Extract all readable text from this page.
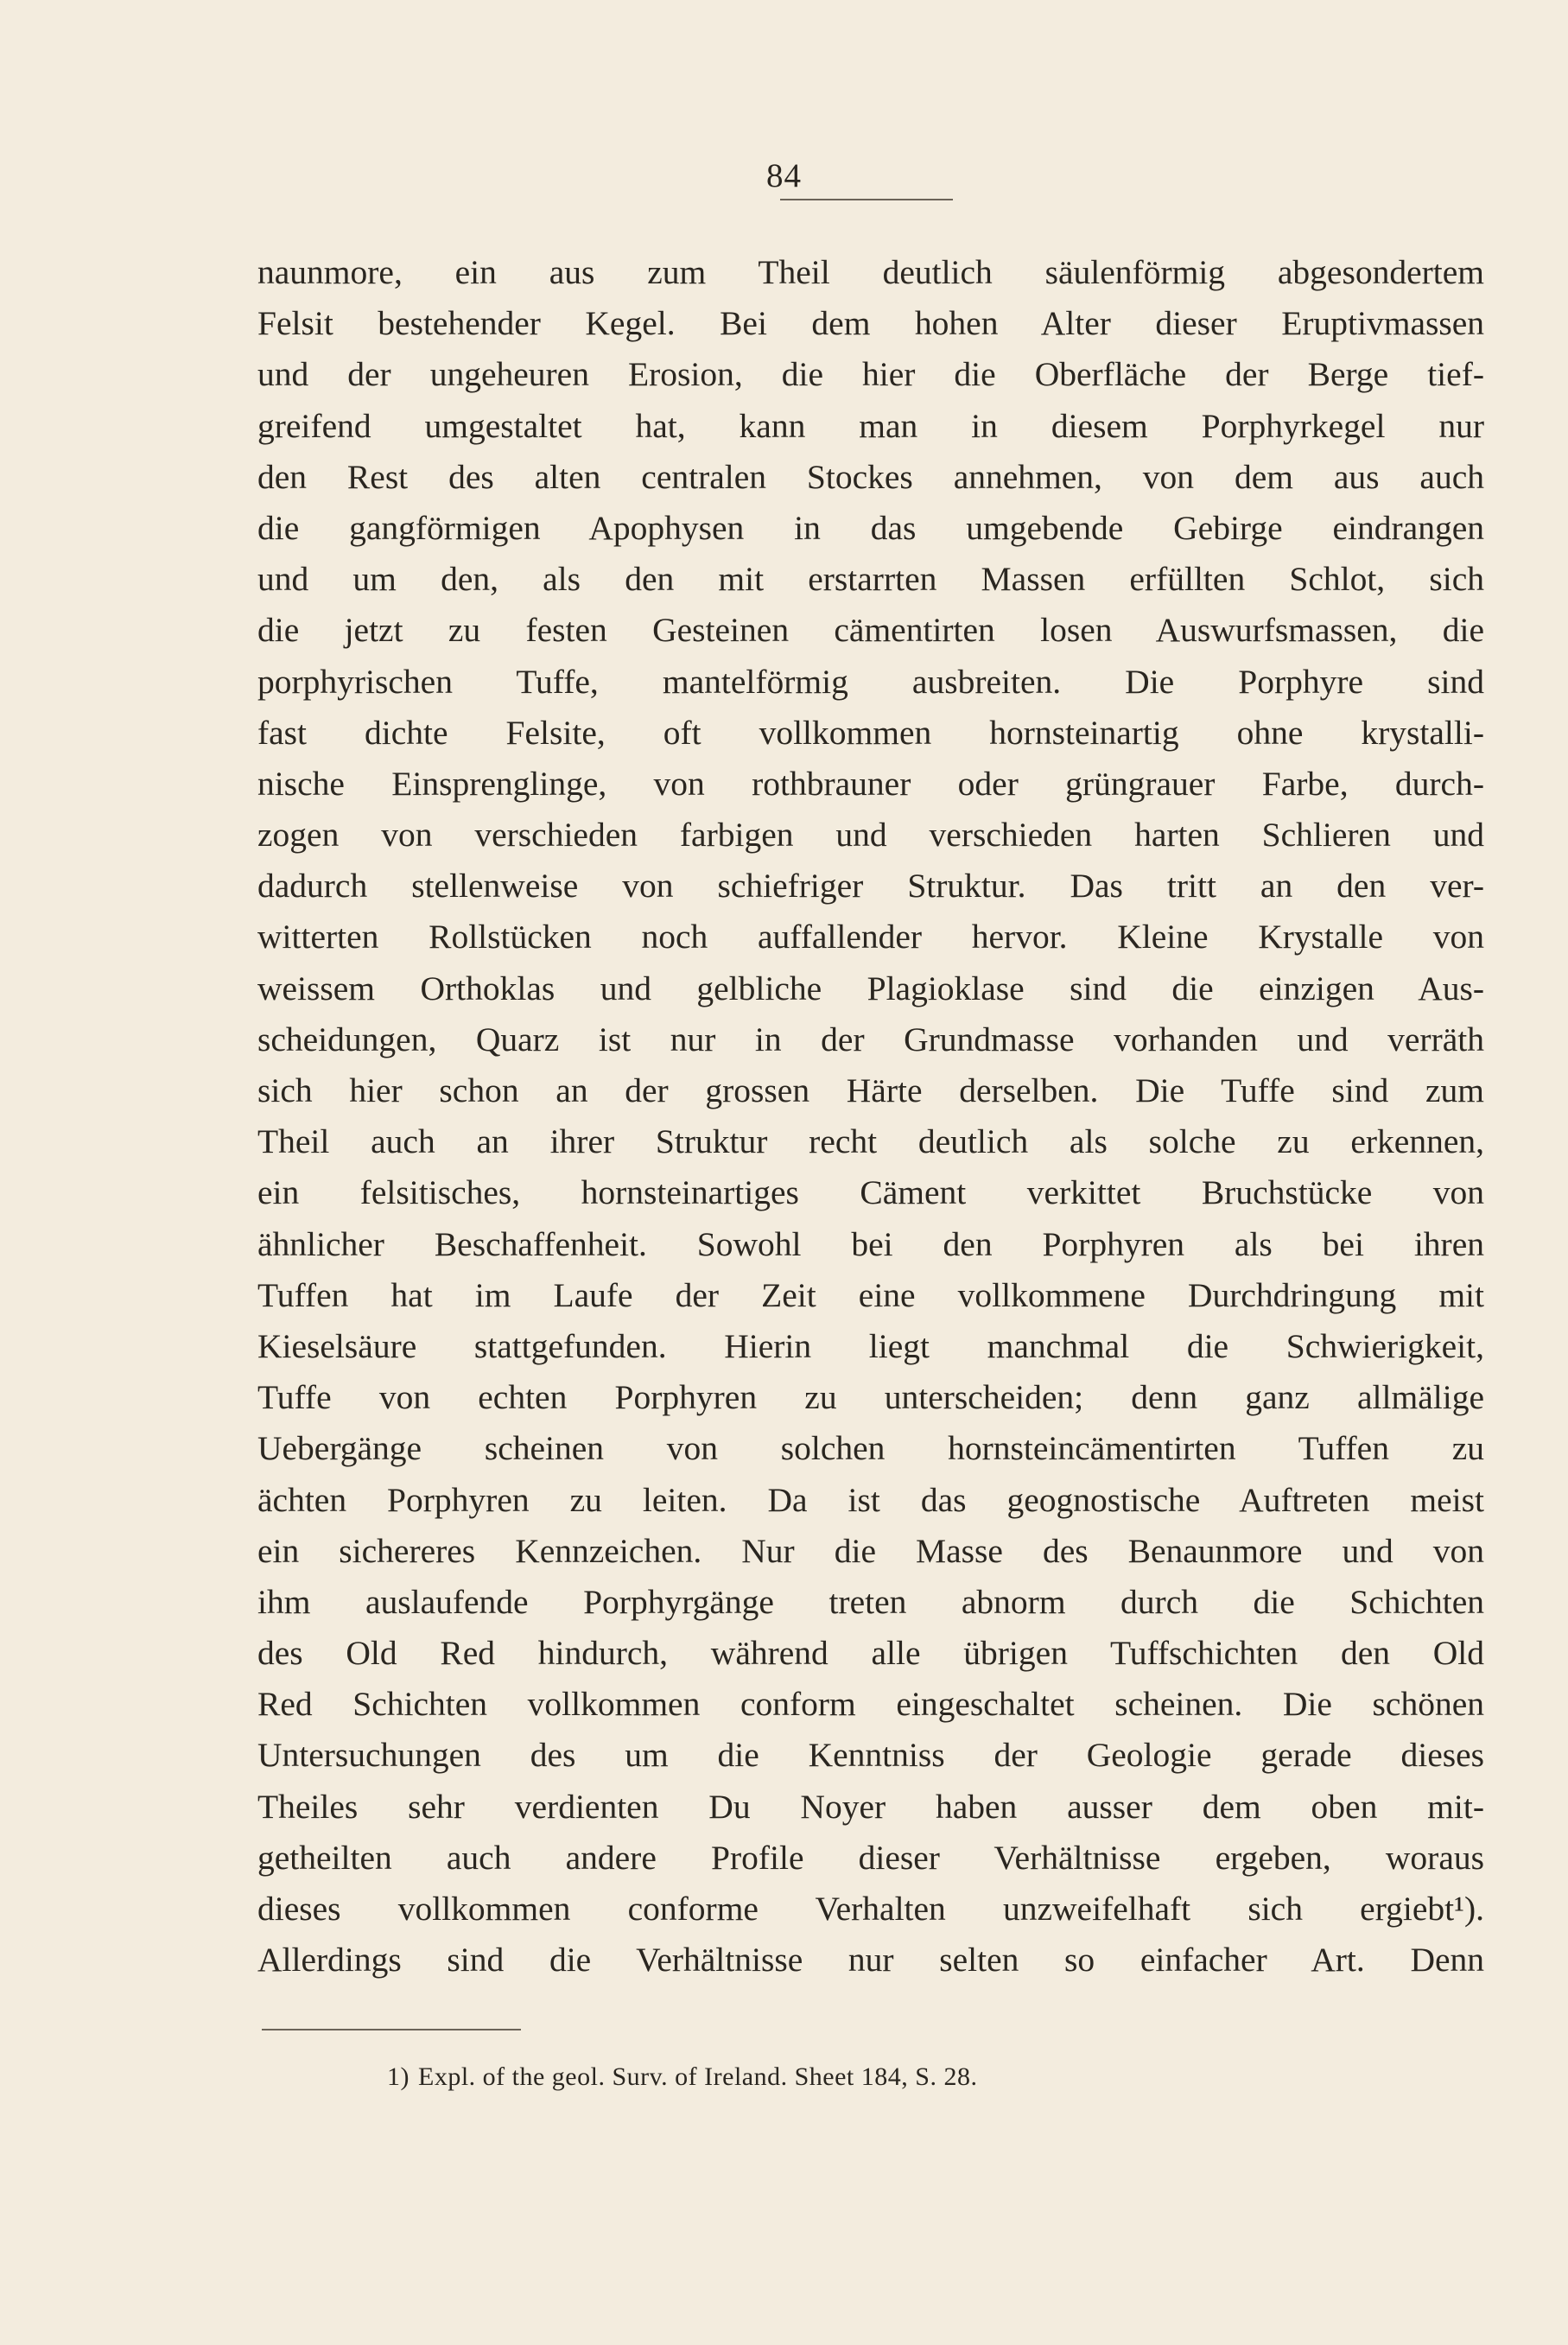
84
naunmore, ein aus zum Theil deutlich säulenförmig abgesondertem
Felsit bestehender Kegel. Bei dem hohen Alter dieser Eruptivmassen
und der ungeheuren Erosion, die hier die Oberfläche der Berge tief-
greifend umgestaltet hat, kann man in diesem Porphyrkegel nur
den Rest des alten centralen Stockes annehmen, von dem aus auch
die gangförmigen Apophysen in das umgebende Gebirge eindrangen
und um den, als den mit erstarrten Massen erfüllten Schlot, sich
die jetzt zu festen Gesteinen cämentirten losen Auswurfsmassen, die
porphyrischen Tuffe, mantelförmig ausbreiten. Die Porphyre sind
fast dichte Felsite, oft vollkommen hornsteinartig ohne krystalli-
nische Einsprenglinge, von rothbrauner oder grüngrauer Farbe, durch-
zogen von verschieden farbigen und verschieden harten Schlieren und
dadurch stellenweise von schiefriger Struktur. Das tritt an den ver-
witterten Rollstücken noch auffallender hervor. Kleine Krystalle von
weissem Orthoklas und gelbliche Plagioklase sind die einzigen Aus-
scheidungen, Quarz ist nur in der Grundmasse vorhanden und verräth
sich hier schon an der grossen Härte derselben. Die Tuffe sind zum
Theil auch an ihrer Struktur recht deutlich als solche zu erkennen,
ein felsitisches, hornsteinartiges Cäment verkittet Bruchstücke von
ähnlicher Beschaffenheit. Sowohl bei den Porphyren als bei ihren
Tuffen hat im Laufe der Zeit eine vollkommene Durchdringung mit
Kieselsäure stattgefunden. Hierin liegt manchmal die Schwierigkeit,
Tuffe von echten Porphyren zu unterscheiden; denn ganz allmälige
Uebergänge scheinen von solchen hornsteincämentirten Tuffen zu
ächten Porphyren zu leiten. Da ist das geognostische Auftreten meist
ein sichereres Kennzeichen. Nur die Masse des Benaunmore und von
ihm auslaufende Porphyrgänge treten abnorm durch die Schichten
des Old Red hindurch, während alle übrigen Tuffschichten den Old
Red Schichten vollkommen conform eingeschaltet scheinen. Die schönen
Untersuchungen des um die Kenntniss der Geologie gerade dieses
Theiles sehr verdienten Du Noyer haben ausser dem oben mit-
getheilten auch andere Profile dieser Verhältnisse ergeben, woraus
dieses vollkommen conforme Verhalten unzweifelhaft sich ergiebt¹).
Allerdings sind die Verhältnisse nur selten so einfacher Art. Denn
1) Expl. of the geol. Surv. of Ireland. Sheet 184, S. 28.
